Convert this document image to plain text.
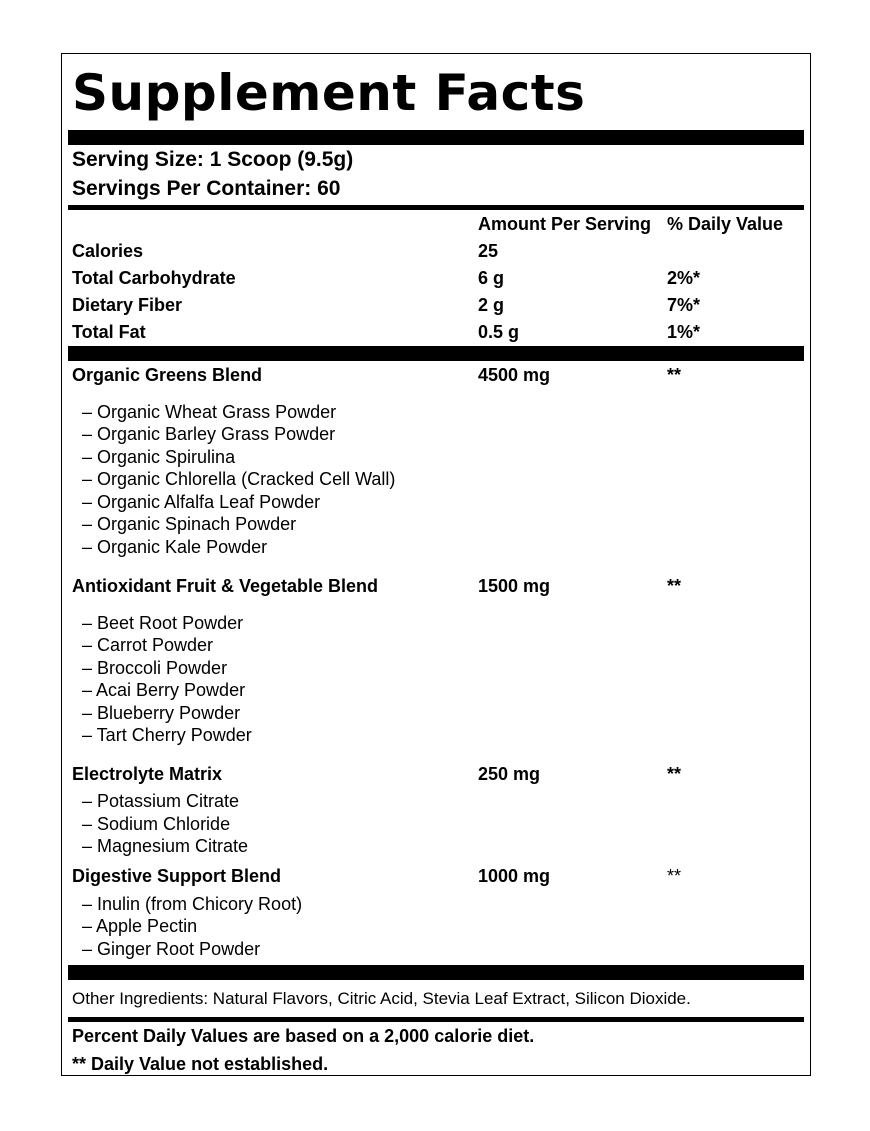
Supplement Facts
Serving Size: 1 Scoop (9.5g)
Servings Per Container: 60
Amount Per Serving % Daily Value
Calories	25
Total Carbohydrate	6 g	2%*
Dietary Fiber	2 g	7%*
Total Fat	0.5 g	1%*
Organic Greens Blend	4500 mg	**
– Organic Wheat Grass Powder
– Organic Barley Grass Powder
– Organic Spirulina
– Organic Chlorella (Cracked Cell Wall)
– Organic Alfalfa Leaf Powder
– Organic Spinach Powder
– Organic Kale Powder
Antioxidant Fruit & Vegetable Blend	1500 mg	**
– Beet Root Powder
– Carrot Powder
– Broccoli Powder
– Acai Berry Powder
– Blueberry Powder
– Tart Cherry Powder
Electrolyte Matrix	250 mg	**
– Potassium Citrate
– Sodium Chloride
– Magnesium Citrate
Digestive Support Blend	1000 mg	**
– Inulin (from Chicory Root)
– Apple Pectin
– Ginger Root Powder
Other Ingredients: Natural Flavors, Citric Acid, Stevia Leaf Extract, Silicon Dioxide.
Percent Daily Values are based on a 2,000 calorie diet.
** Daily Value not established.
